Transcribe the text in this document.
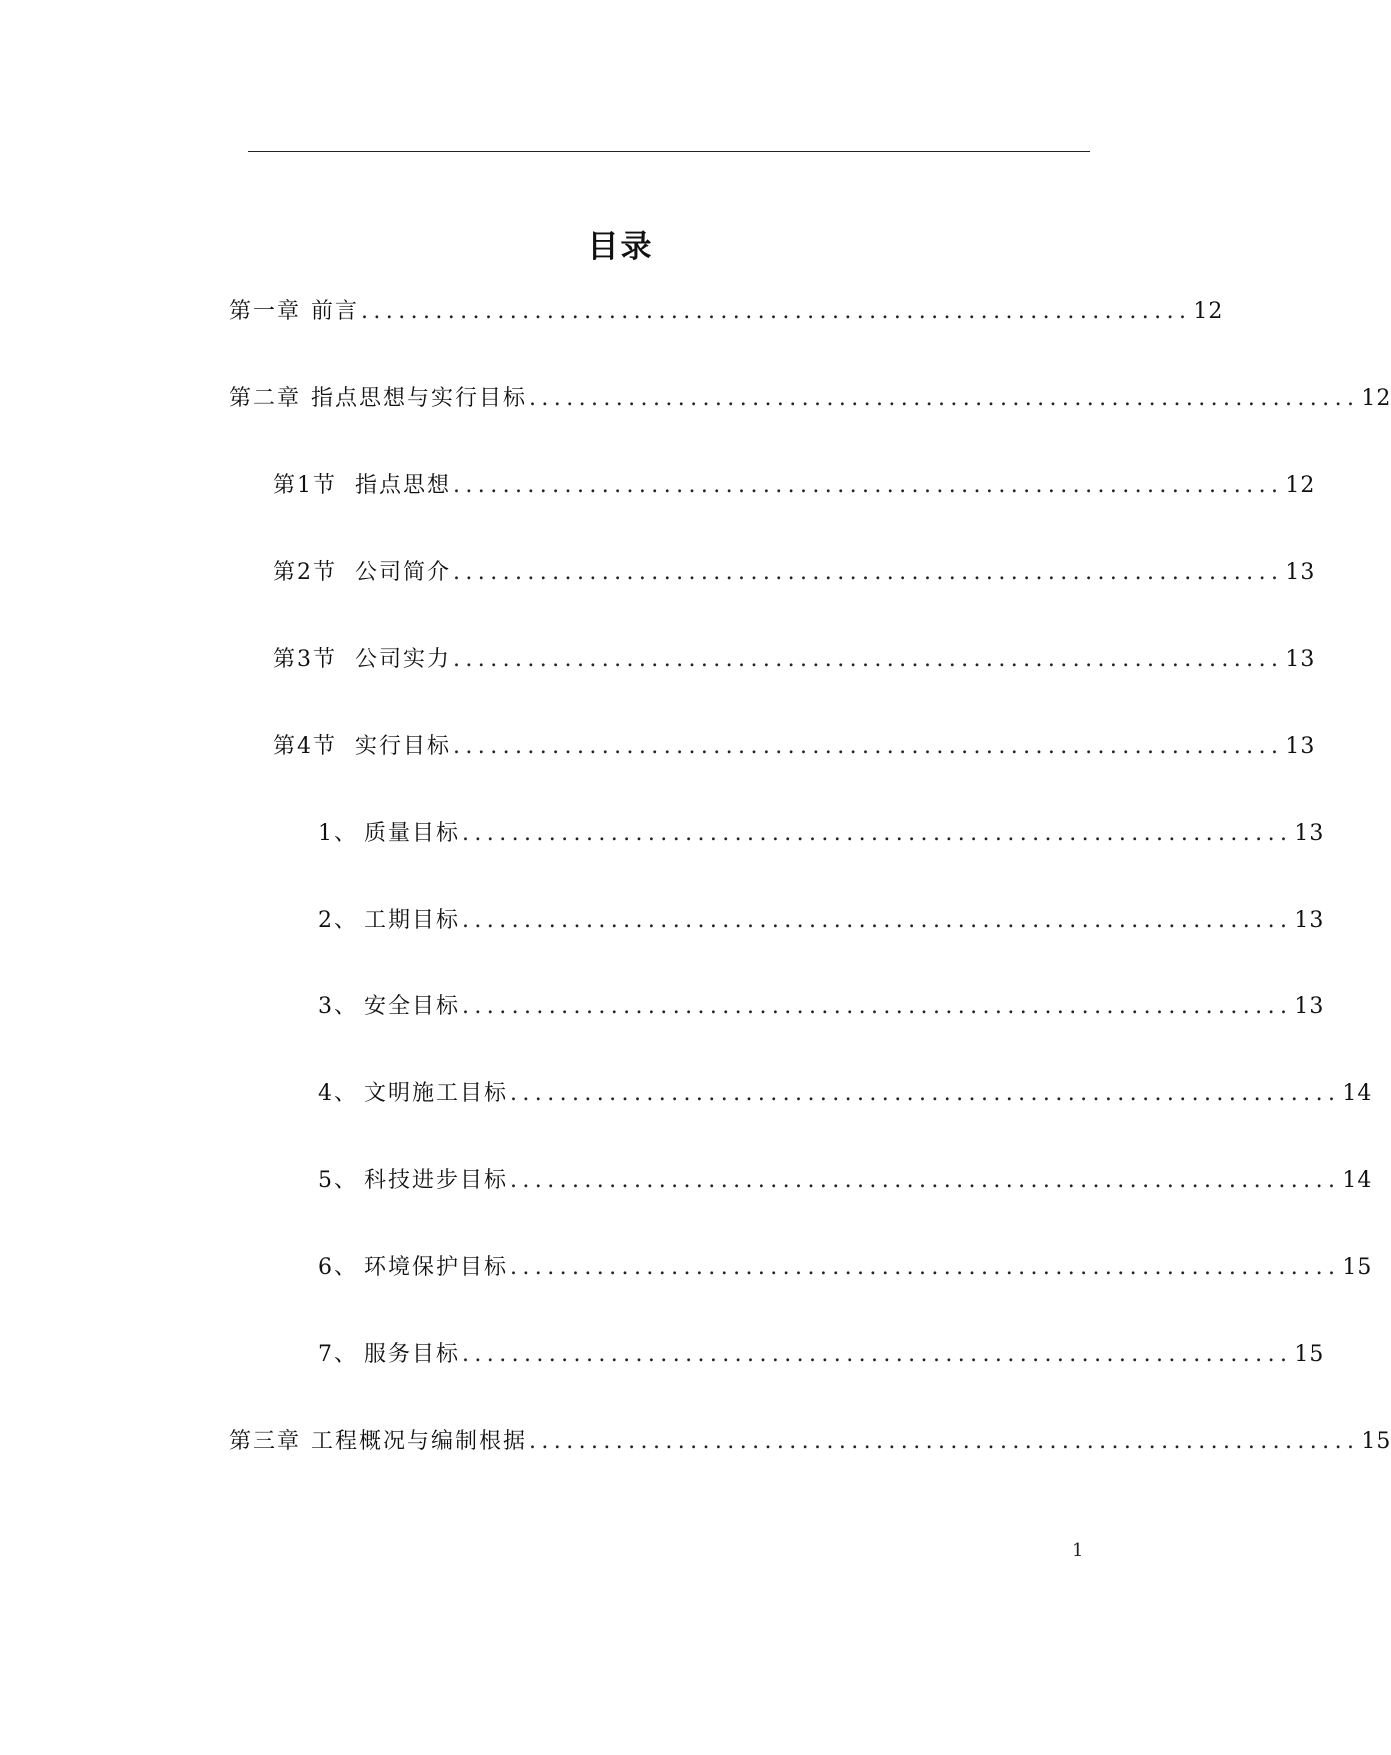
目录
第一章 前言 ................................................................... 12
第二章 指点思想与实行目标 ................................................................... 12
第1节 指点思想 ................................................................... 12
第2节 公司简介 ................................................................... 13
第3节 公司实力 ................................................................... 13
第4节 实行目标 ................................................................... 13
1、 质量目标 ................................................................... 13
2、 工期目标 ................................................................... 13
3、 安全目标 ................................................................... 13
4、 文明施工目标 ................................................................... 14
5、 科技进步目标 ................................................................... 14
6、 环境保护目标 ................................................................... 15
7、 服务目标 ................................................................... 15
第三章 工程概况与编制根据 ................................................................... 15
1
